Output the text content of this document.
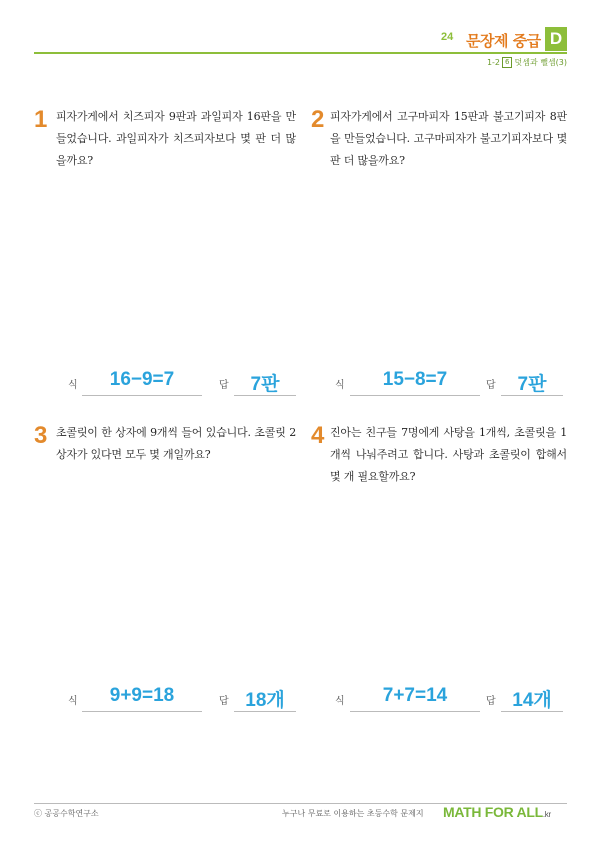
24 문장제 중급 D
1-2 6 덧셈과 뺄셈(3)
1 피자가게에서 치즈피자 9판과 과일피자 16판을 만들었습니다. 과일피자가 치즈피자보다 몇 판 더 많을까요?
식	16−9=7	답	7판
2 피자가게에서 고구마피자 15판과 불고기피자 8판을 만들었습니다. 고구마피자가 불고기피자보다 몇 판 더 많을까요?
식	15−8=7	답	7판
3 초콜릿이 한 상자에 9개씩 들어 있습니다. 초콜릿 2상자가 있다면 모두 몇 개일까요?
식	9+9=18	답 18개
4 진아는 친구들 7명에게 사탕을 1개씩, 초콜릿을 1개씩 나눠주려고 합니다. 사탕과 초콜릿이 합해서 몇 개 필요할까요?
식	7+7=14	답 14개
ⓒ 공공수학연구소	누구나 무료로 이용하는 초등수학 문제지 MATH FOR ALL.kr
